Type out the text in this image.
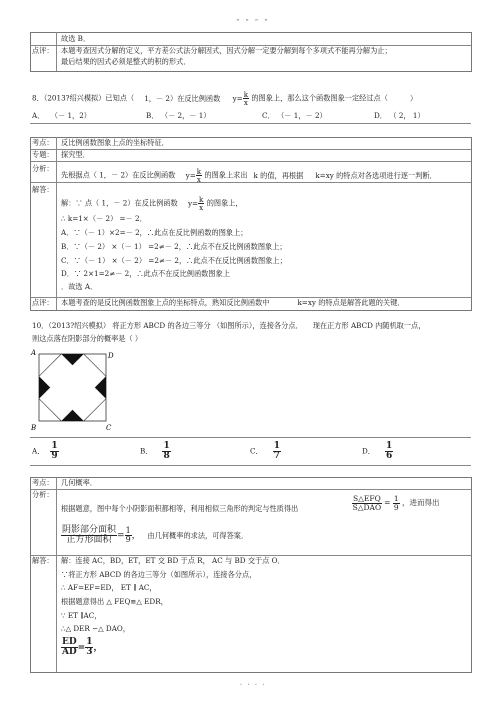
“ “ “ “
‘ ‘ ‘ ‘
故选 B．
点评： 本题考查因式分解的定义，平方差公式法分解因式，因式分解一定要分解到每个多项式不能再分解为止；
最后结果的因式必须是整式的积的形式．
8．（2013?绍兴模拟）已知点（ 1，－ 2）在反比例函数 $y= \frac{k}{x}$ 的图象上，那么这个函数图象一定经过点（	）
A． （－ 1，2）	B． （－ 2，－ 1）	C． （－ 1，－ 2）	D． （ 2， 1）
考点： 反比例函数图象上点的坐标特征．
专题： 探究型．
分析：
先根据点（ 1，－ 2）在反比例函数 $y= \frac{k}{x}$ 的图象上求出 k 的值，再根据 k=xy 的特点对各选项进行逐一判断．
解答：
解：∵ 点（ 1，－ 2）在反比例函数 $y= \frac{k}{x}$ 的图象上，
∴ k=1×（－ 2） =－ 2．
A．∵（－ 1）×2=－ 2，∴此点在反比例函数的图象上；
B．∵（－ 2） ×（－ 1） =2≠－ 2，∴此点不在反比例函数图象上；
C．∵（－ 1） ×（－ 2） =2≠－ 2，∴此点不在反比例函数图象上；
D．∵ 2×1=2≠－ 2，∴此点不在反比例函数图象上
．故选 A．
点评： 本题考查的是反比例函数图象上点的坐标特点，熟知反比例函数中	k=xy 的特点是解答此题的关键．
10．（2013?绍兴模拟） 将正方形 ABCD 的各边三等分 （如图所示），连接各分点． 现在正方形 ABCD 内随机取一点，
则这点落在阴影部分的概率是（ ）
A	D
B	C
A． $\frac{1}{9}$	B． $\frac{1}{8}$	C． $\frac{1}{7}$	D． $\frac{1}{6}$
考点： 几何概率．
分析：
根据题意，图中每个小阴影面积都相等，利用相似三角形的判定与性质得出	$\frac{\text{S△EFQ}}{\text{S△DAO}} = \frac{1}{9}$ ，进而得出
$\frac{\text{阴影部分面积}}{\text{正方形面积}} = \frac{1}{9}$ ， 由几何概率的求法，可得答案．
解答： 解：连接 AC，BD，ET，ET 交 BD 于点 R， AC 与 BD 交于点 O．
∵将正方形 ABCD 的各边三等分（如图所示），连接各分点，
∴ AF=EF=ED， ET ∥ AC，
根据题意得出 △ FEQ≌△ EDR，
∵ ET ∥AC，
∴△ DER ∽△ DAO，
$\frac{ED}{AD} = \frac{1}{3}$ ，
